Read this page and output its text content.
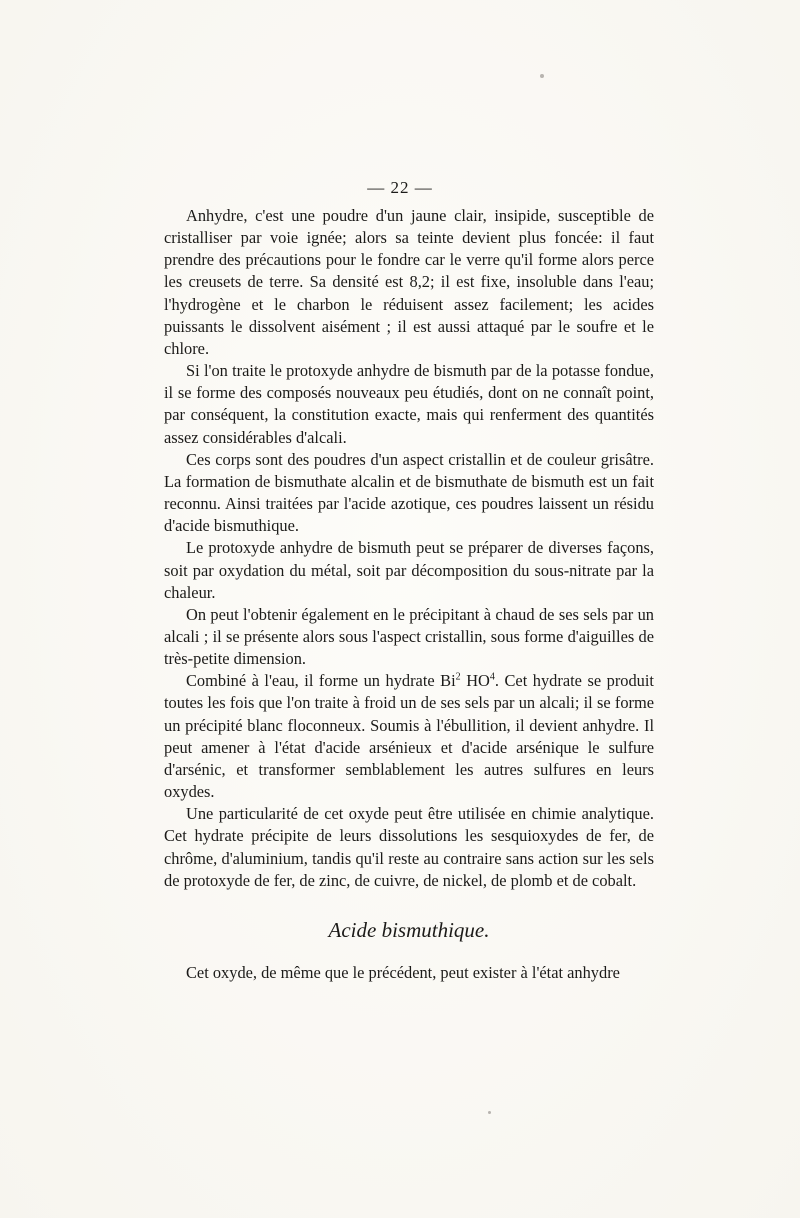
— 22 —

Anhydre, c'est une poudre d'un jaune clair, insipide, susceptible de cristalliser par voie ignée; alors sa teinte devient plus foncée: il faut prendre des précautions pour le fondre car le verre qu'il forme alors perce les creusets de terre. Sa densité est 8,2; il est fixe, insoluble dans l'eau; l'hydrogène et le charbon le réduisent assez facilement; les acides puissants le dissolvent aisément ; il est aussi attaqué par le soufre et le chlore.

Si l'on traite le protoxyde anhydre de bismuth par de la potasse fondue, il se forme des composés nouveaux peu étudiés, dont on ne connaît point, par conséquent, la constitution exacte, mais qui renferment des quantités assez considérables d'alcali.

Ces corps sont des poudres d'un aspect cristallin et de couleur grisâtre. La formation de bismuthate alcalin et de bismuthate de bismuth est un fait reconnu. Ainsi traitées par l'acide azotique, ces poudres laissent un résidu d'acide bismuthique.

Le protoxyde anhydre de bismuth peut se préparer de diverses façons, soit par oxydation du métal, soit par décomposition du sous-nitrate par la chaleur.

On peut l'obtenir également en le précipitant à chaud de ses sels par un alcali ; il se présente alors sous l'aspect cristallin, sous forme d'aiguilles de très-petite dimension.

Combiné à l'eau, il forme un hydrate Bi$^2$ $HO^4$. Cet hydrate se produit toutes les fois que l'on traite à froid un de ses sels par un alcali; il se forme un précipité blanc floconneux. Soumis à l'ébullition, il devient anhydre. Il peut amener à l'état d'acide arsénieux et d'acide arsénique le sulfure d'arsénic, et transformer semblablement les autres sulfures en leurs oxydes.

Une particularité de cet oxyde peut être utilisée en chimie analytique. Cet hydrate précipite de leurs dissolutions les sesquioxydes de fer, de chrôme, d'aluminium, tandis qu'il reste au contraire sans action sur les sels de protoxyde de fer, de zinc, de cuivre, de nickel, de plomb et de cobalt.

Acide bismuthique.

Cet oxyde, de même que le précédent, peut exister à l'état anhydre
